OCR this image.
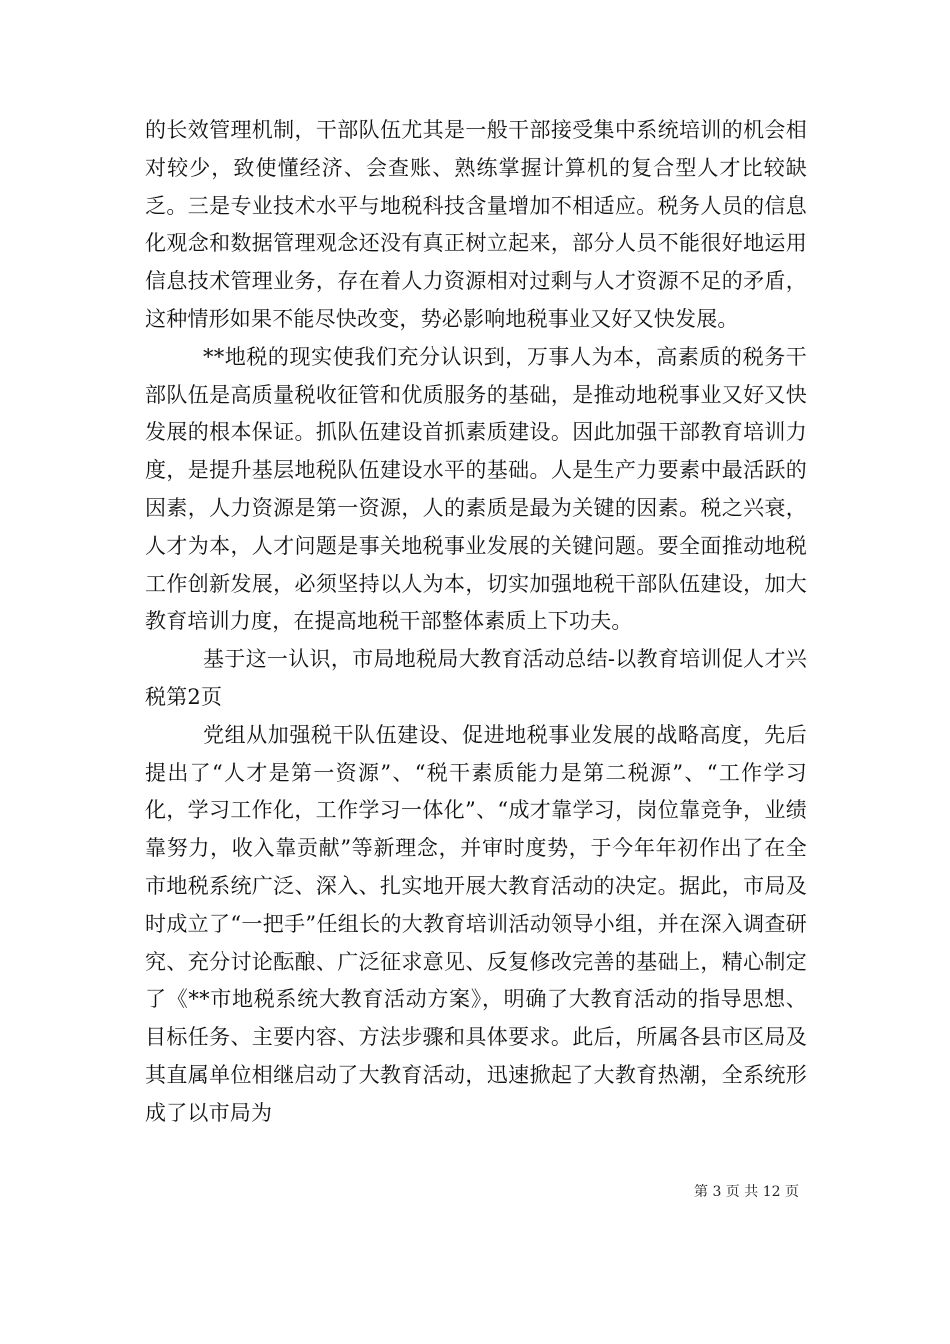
的长效管理机制，干部队伍尤其是一般干部接受集中系统培训的机会相对较少，致使懂经济、会查账、熟练掌握计算机的复合型人才比较缺乏。三是专业技术水平与地税科技含量增加不相适应。税务人员的信息化观念和数据管理观念还没有真正树立起来，部分人员不能很好地运用信息技术管理业务，存在着人力资源相对过剩与人才资源不足的矛盾，这种情形如果不能尽快改变，势必影响地税事业又好又快发展。

**地税的现实使我们充分认识到，万事人为本，高素质的税务干部队伍是高质量税收征管和优质服务的基础，是推动地税事业又好又快发展的根本保证。抓队伍建设首抓素质建设。因此加强干部教育培训力度，是提升基层地税队伍建设水平的基础。人是生产力要素中最活跃的因素，人力资源是第一资源，人的素质是最为关键的因素。税之兴衰，人才为本，人才问题是事关地税事业发展的关键问题。要全面推动地税工作创新发展，必须坚持以人为本，切实加强地税干部队伍建设，加大教育培训力度，在提高地税干部整体素质上下功夫。

基于这一认识，市局地税局大教育活动总结-以教育培训促人才兴税第2页

党组从加强税干队伍建设、促进地税事业发展的战略高度，先后提出了“人才是第一资源”、“税干素质能力是第二税源”、“工作学习化，学习工作化，工作学习一体化”、“成才靠学习，岗位靠竞争，业绩靠努力，收入靠贡献”等新理念，并审时度势，于今年年初作出了在全市地税系统广泛、深入、扎实地开展大教育活动的决定。据此，市局及时成立了“一把手”任组长的大教育培训活动领导小组，并在深入调查研究、充分讨论酝酿、广泛征求意见、反复修改完善的基础上，精心制定了《**市地税系统大教育活动方案》，明确了大教育活动的指导思想、目标任务、主要内容、方法步骤和具体要求。此后，所属各县市区局及其直属单位相继启动了大教育活动，迅速掀起了大教育热潮，全系统形成了以市局为

第 3 页 共 12 页
